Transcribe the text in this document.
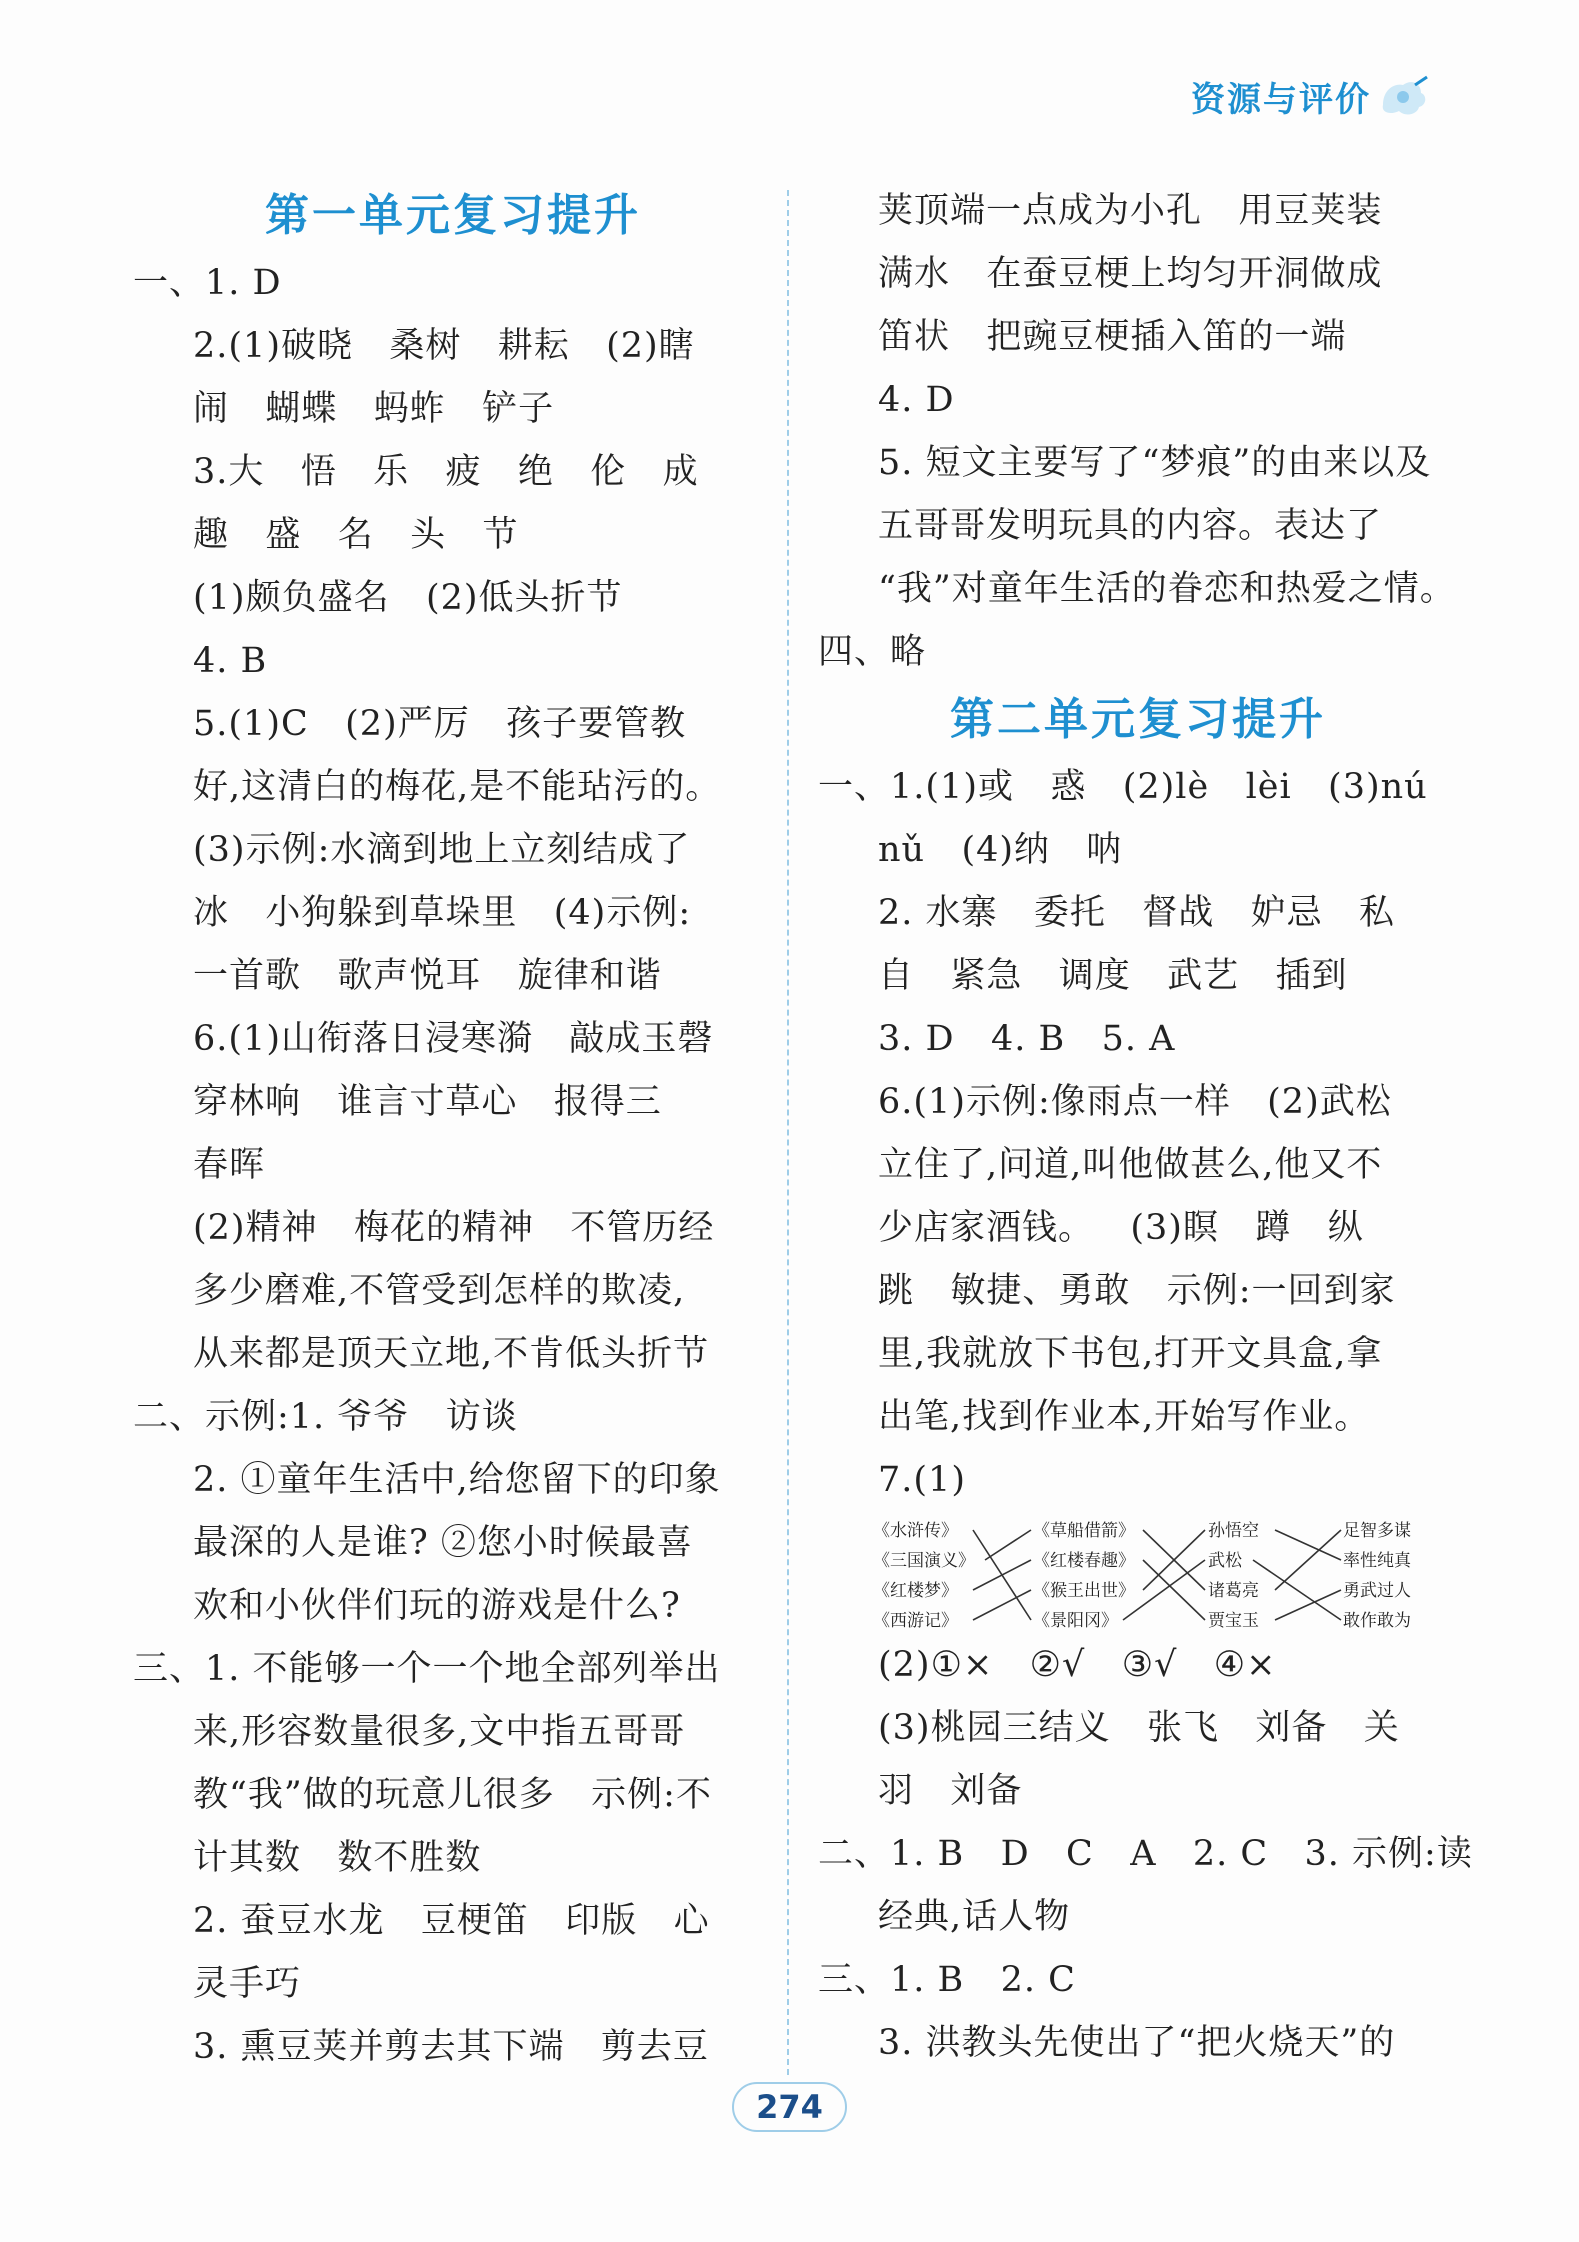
资源与评价
第一单元复习提升
一、1. D
2.(1)破晓   桑树   耕耘   (2)瞎
闹   蝴蝶   蚂蚱   铲子
3.大   悟   乐   疲   绝   伦   成
趣   盛   名   头   节
(1)颇负盛名   (2)低头折节
4. B
5.(1)C   (2)严厉   孩子要管教
好,这清白的梅花,是不能玷污的。
(3)示例:水滴到地上立刻结成了
冰   小狗躲到草垛里   (4)示例:
一首歌   歌声悦耳   旋律和谐
6.(1)山衔落日浸寒漪   敲成玉磬
穿林响   谁言寸草心   报得三
春晖
(2)精神   梅花的精神   不管历经
多少磨难,不管受到怎样的欺凌,
从来都是顶天立地,不肯低头折节
二、示例:1. 爷爷   访谈
2. ①童年生活中,给您留下的印象
最深的人是谁? ②您小时候最喜
欢和小伙伴们玩的游戏是什么?
三、1. 不能够一个一个地全部列举出
来,形容数量很多,文中指五哥哥
教“我”做的玩意儿很多   示例:不
计其数   数不胜数
2. 蚕豆水龙   豆梗笛   印版   心
灵手巧
3. 熏豆荚并剪去其下端   剪去豆
荚顶端一点成为小孔   用豆荚装
满水   在蚕豆梗上均匀开洞做成
笛状   把豌豆梗插入笛的一端
4. D
5. 短文主要写了“梦痕”的由来以及
五哥哥发明玩具的内容。表达了
“我”对童年生活的眷恋和热爱之情。
四、略
第二单元复习提升
一、1.(1)或   惑   (2)lè   lèi   (3)nú
nǔ   (4)纳   呐
2. 水寨   委托   督战   妒忌   私
自   紧急   调度   武艺   插到
3. D   4. B   5. A
6.(1)示例:像雨点一样   (2)武松
立住了,问道,叫他做甚么,他又不
少店家酒钱。   (3)瞑   蹲   纵
跳   敏捷、勇敢   示例:一回到家
里,我就放下书包,打开文具盒,拿
出笔,找到作业本,开始写作业。
7.(1)
《水浒传》
《三国演义》
《红楼梦》
《西游记》
《草船借箭》
《红楼春趣》
《猴王出世》
《景阳冈》
孙悟空
武松
诸葛亮
贾宝玉
足智多谋
率性纯真
勇武过人
敢作敢为
(2)①×   ②√   ③√   ④×
(3)桃园三结义   张飞   刘备   关
羽   刘备
二、1. B   D   C   A   2. C   3. 示例:读
经典,话人物
三、1. B   2. C
3. 洪教头先使出了“把火烧天”的
274
